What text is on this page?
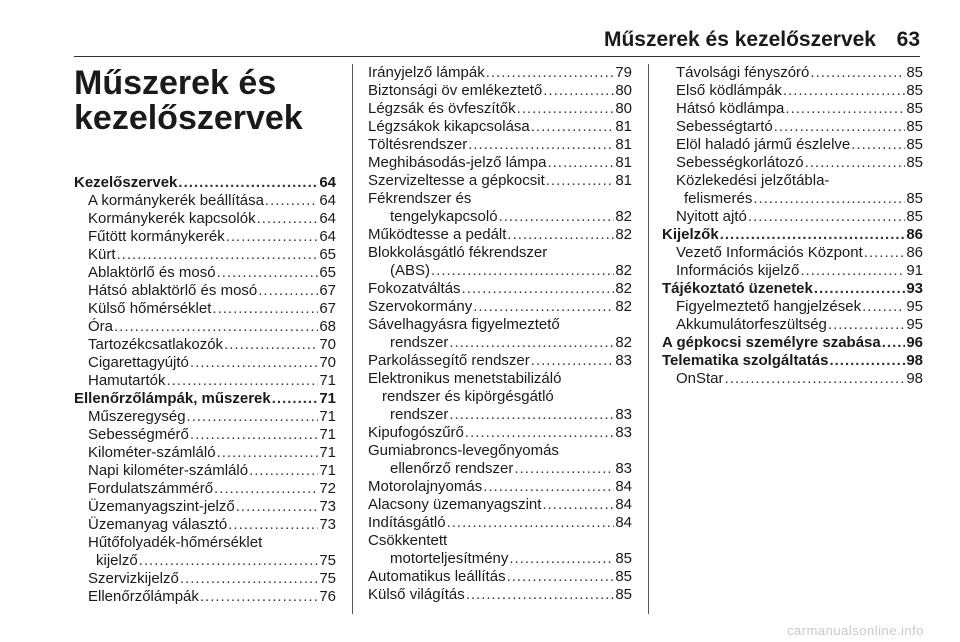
Műszerek és kezelőszervek 63
Műszerek és
kezelőszervek
Kezelőszervek .....	64
A kormánykerék beállítása .....	64
Kormánykerék kapcsolók .....	64
Fűtött kormánykerék .....	64
Kürt .....	65
Ablaktörlő és mosó .....	65
Hátsó ablaktörlő és mosó .....	67
Külső hőmérséklet .....	67
Óra .....	68
Tartozékcsatlakozók .....	70
Cigarettagyújtó .....	70
Hamutartók .....	71
Ellenőrzőlámpák, műszerek .....	71
Műszeregység .....	71
Sebességmérő .....	71
Kilométer-számláló .....	71
Napi kilométer-számláló .....	71
Fordulatszámmérő .....	72
Üzemanyagszint-jelző .....	73
Üzemanyag választó .....	73
Hűtőfolyadék-hőmérséklet
kijelző .....	75
Szervizkijelző .....	75
Ellenőrzőlámpák .....	76
Irányjelző lámpák .....	79
Biztonsági öv emlékeztető .....	80
Légzsák és övfeszítők .....	80
Légzsákok kikapcsolása .....	81
Töltésrendszer .....	81
Meghibásodás-jelző lámpa .....	81
Szervizeltesse a gépkocsit .....	81
Fékrendszer és
tengelykapcsoló .....	82
Működtesse a pedált .....	82
Blokkolásgátló fékrendszer
(ABS) .....	82
Fokozatváltás .....	82
Szervokormány .....	82
Sávelhagyásra figyelmeztető
rendszer .....	82
Parkolássegítő rendszer .....	83
Elektronikus menetstabilizáló
rendszer és kipörgésgátló
rendszer .....	83
Kipufogószűrő .....	83
Gumiabroncs-levegőnyomás
ellenőrző rendszer .....	83
Motorolajnyomás .....	84
Alacsony üzemanyagszint .....	84
Indításgátló .....	84
Csökkentett
motorteljesítmény .....	85
Automatikus leállítás .....	85
Külső világítás .....	85
Távolsági fényszóró .....	85
Első ködlámpák .....	85
Hátsó ködlámpa .....	85
Sebességtartó .....	85
Elöl haladó jármű észlelve .....	85
Sebességkorlátozó .....	85
Közlekedési jelzőtábla-
felismerés .....	85
Nyitott ajtó .....	85
Kijelzők .....	86
Vezető Információs Központ .....	86
Információs kijelző .....	91
Tájékoztató üzenetek .....	93
Figyelmeztető hangjelzések .....	95
Akkumulátorfeszültség .....	95
A gépkocsi személyre szabása ..... 96
Telematika szolgáltatás .....	98
OnStar .....	98
carmanualsonline.info
